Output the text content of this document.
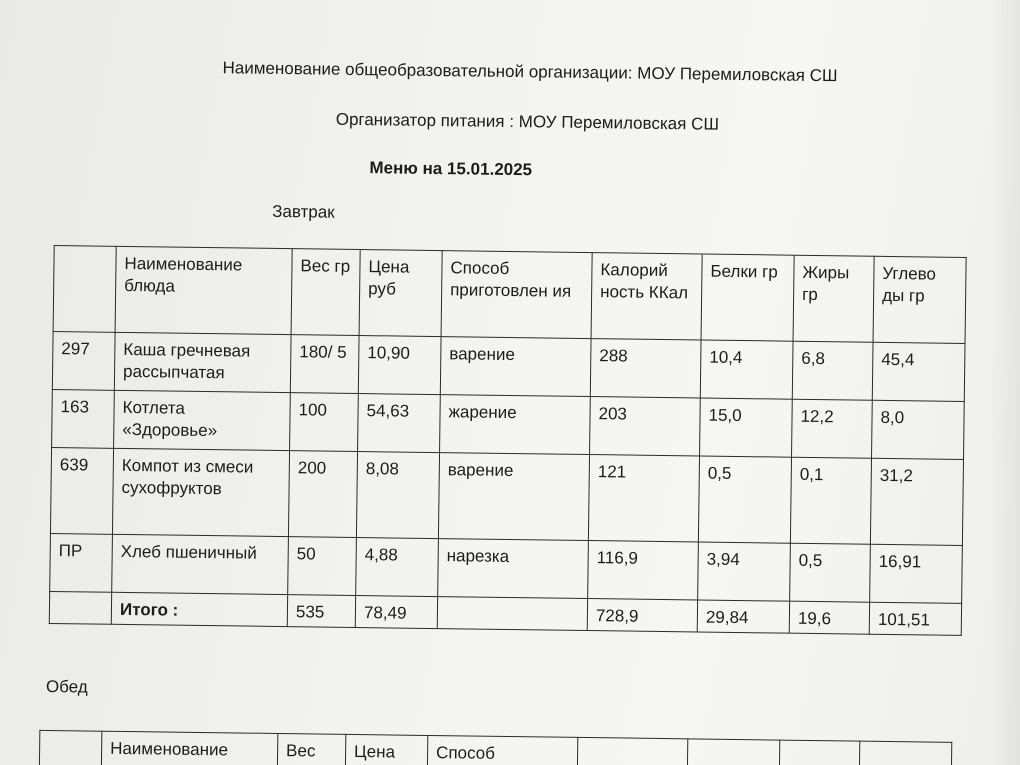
Наименование общеобразовательной организации: МОУ Перемиловская СШ
Организатор питания : МОУ Перемиловская СШ
Меню на 15.01.2025
Завтрак
	Наименование блюда	Вес гр	Цена руб	Способ приготовлен ия	Калорий ность ККал	Белки гр	Жиры гр	Углево ды гр
297	Каша гречневая рассыпчатая	180/ 5	10,90	варение	288	10,4	6,8	45,4
163	Котлета «Здоровье»	100	54,63	жарение	203	15,0	12,2	8,0
639	Компот из смеси сухофруктов	200	8,08	варение	121	0,5	0,1	31,2
ПР	Хлеб пшеничный	50	4,88	нарезка	116,9	3,94	0,5	16,91
	Итого :	535	78,49		728,9	29,84	19,6	101,51
Обед
	Наименование	Вес	Цена	Способ				
